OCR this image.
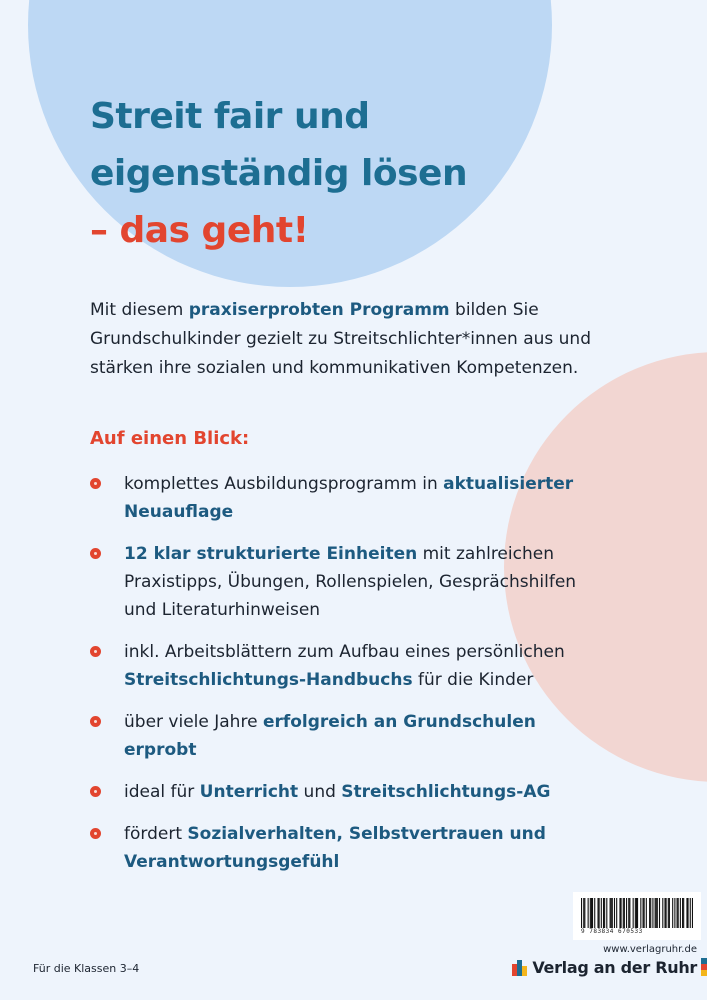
Streit fair und
eigenständig lösen
– das geht!

Mit diesem praxiserprobten Programm bilden Sie Grundschulkinder gezielt zu Streitschlichter*innen aus und stärken ihre sozialen und kommunikativen Kompetenzen.

Auf einen Blick:

komplettes Ausbildungsprogramm in aktualisierter Neuauflage
12 klar strukturierte Einheiten mit zahlreichen Praxistipps, Übungen, Rollenspielen, Gesprächshilfen und Literaturhinweisen
inkl. Arbeitsblättern zum Aufbau eines persönlichen Streitschlichtungs-Handbuchs für die Kinder
über viele Jahre erfolgreich an Grundschulen erprobt
ideal für Unterricht und Streitschlichtungs-AG
fördert Sozialverhalten, Selbstvertrauen und Verantwortungsgefühl
Für die Klassen 3–4
9 783834 670533
www.verlagruhr.de
Verlag an der Ruhr
